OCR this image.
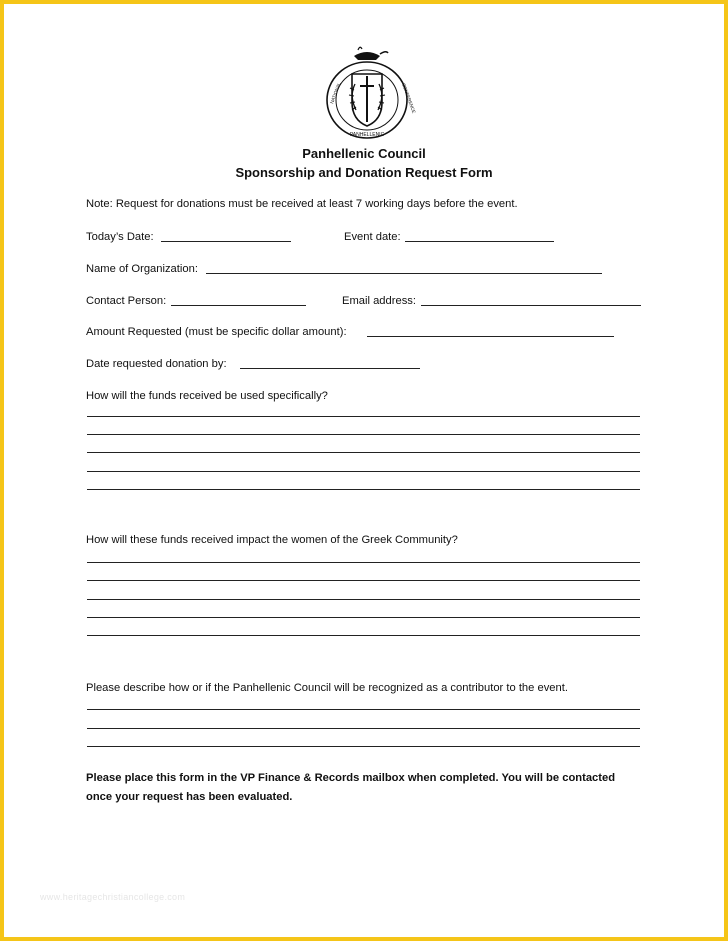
PANHELLENIC
NATIONAL	CONFERENCE
Panhellenic Council
Sponsorship and Donation Request Form
Note: Request for donations must be received at least 7 working days before the event.
Today’s Date:	Event date:
Name of Organization:
Contact Person:	Email address:
Amount Requested (must be specific dollar amount):
Date requested donation by:
How will the funds received be used specifically?
How will these funds received impact the women of the Greek Community?
Please describe how or if the Panhellenic Council will be recognized as a contributor to the event.
Please place this form in the VP Finance & Records mailbox when completed. You will be contacted
once your request has been evaluated.
www.heritagechristiancollege.com
